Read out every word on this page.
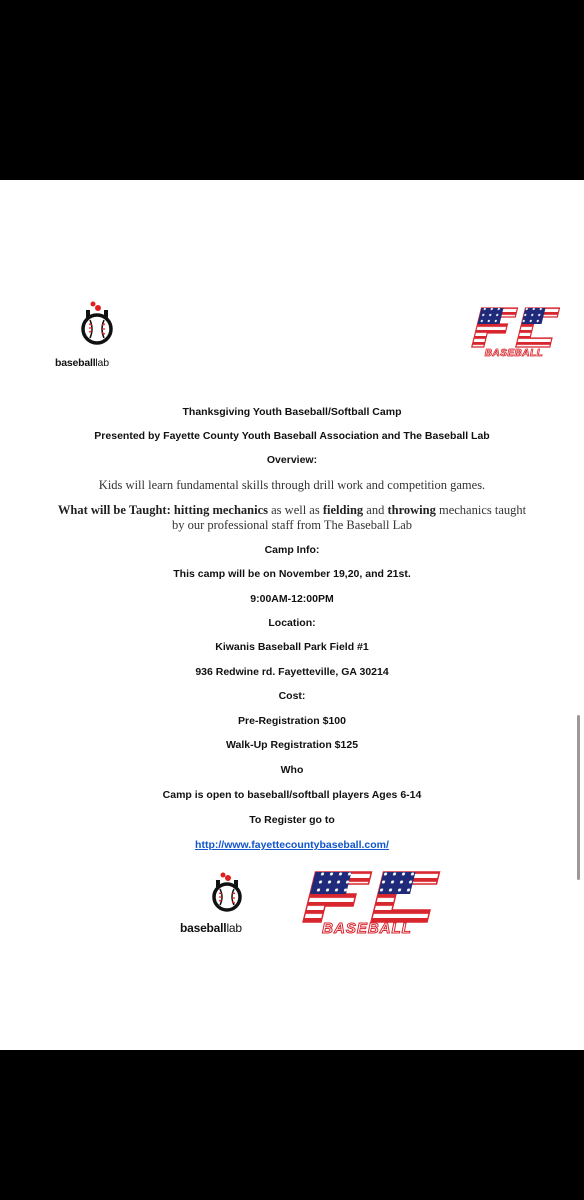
baseballlab
BASEBALL
Thanksgiving Youth Baseball/Softball Camp
Presented by Fayette County Youth Baseball Association and The Baseball Lab
Overview:
Kids will learn fundamental skills through drill work and competition games.
What will be Taught: hitting mechanics as well as fielding and throwing mechanics taught
by our professional staff from The Baseball Lab
Camp Info:
This camp will be on November 19,20, and 21st.
9:00AM-12:00PM
Location:
Kiwanis Baseball Park Field #1
936 Redwine rd. Fayetteville, GA 30214
Cost:
Pre-Registration $100
Walk-Up Registration $125
Who
Camp is open to baseball/softball players Ages 6-14
To Register go to
http://www.fayettecountybaseball.com/
baseballlab	BASEBALL
